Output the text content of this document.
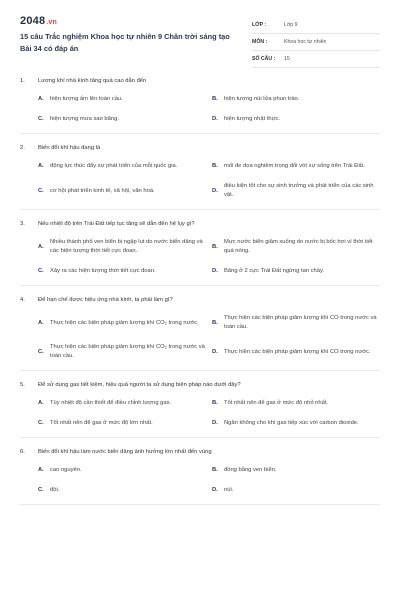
2048.vn
15 câu Trắc nghiệm Khoa học tự nhiên 9 Chân trời sáng tạo Bài 34 có đáp án
LỚP :	Lớp 9
MÔN :	Khoa học tự nhiên
SỐ CÂU :	15
1.	Lượng khí nhà kính tăng quá cao dẫn đến
A.	hiện tượng ấm lên toàn cầu.	B.	hiện tượng núi lửa phun trào.
C.	hiện tượng mưa sao băng.	D.	hiện tượng nhật thực.
2.	Biến đổi khí hậu đang là
A.	động lực thúc đẩy sự phát triển của mỗi quốc gia.	B.	mối đe dọa nghiêm trọng đối với sự sống trên Trái Đất.
C.	cơ hội phát triển kinh tế, xã hội, văn hoá.	D.
điều kiện tốt cho sự sinh trưởng và phát triển của các sinh vật.
3.	Nếu nhiệt độ trên Trái Đất tiếp tục tăng sẽ dẫn đến hệ lụy gì?
A.
Nhiều thành phố ven biển bị ngập lụt do nước biển dâng và các hiện tượng thời tiết cực đoan.
B.
Mực nước biển giảm xuống do nước bị bốc hơi vì thời tiết quá nóng.
C.	Xảy ra các hiện tượng thời tiết cực đoan.	D.	Băng ở 2 cực Trái Đất ngừng tan chảy.
4.	Để hạn chế được hiệu ứng nhà kính, ta phải làm gì?
A.	Thực hiện các biện pháp giảm lượng khí CO₂ trong nước.	B.
Thực hiện các biện pháp giảm lượng khí CO trong nước và toàn cầu.
C.
Thực hiện các biện pháp giảm lượng khí CO₂ trong nước và toàn cầu.
D.	Thực hiện các biện pháp giảm lượng khí CO trong nước.
5.	Để sử dụng gas tiết kiệm, hiệu quả người ta sử dụng biện pháp nào dưới đây?
A.	Tùy nhiệt độ cần thiết để điều chỉnh lượng gas.	B.	Tốt nhất nên để gas ở mức độ nhỏ nhất.
C.	Tốt nhất nên để gas ở mức độ lớn nhất.	D.	Ngăn không cho khí gas tiếp xúc với carbon dioxide.
6.	Biến đổi khí hậu làm nước biển dâng ảnh hưởng lớn nhất đến vùng
A.	cao nguyên.	B.	đồng bằng ven biển.
C.	đồi.	D.	núi.
